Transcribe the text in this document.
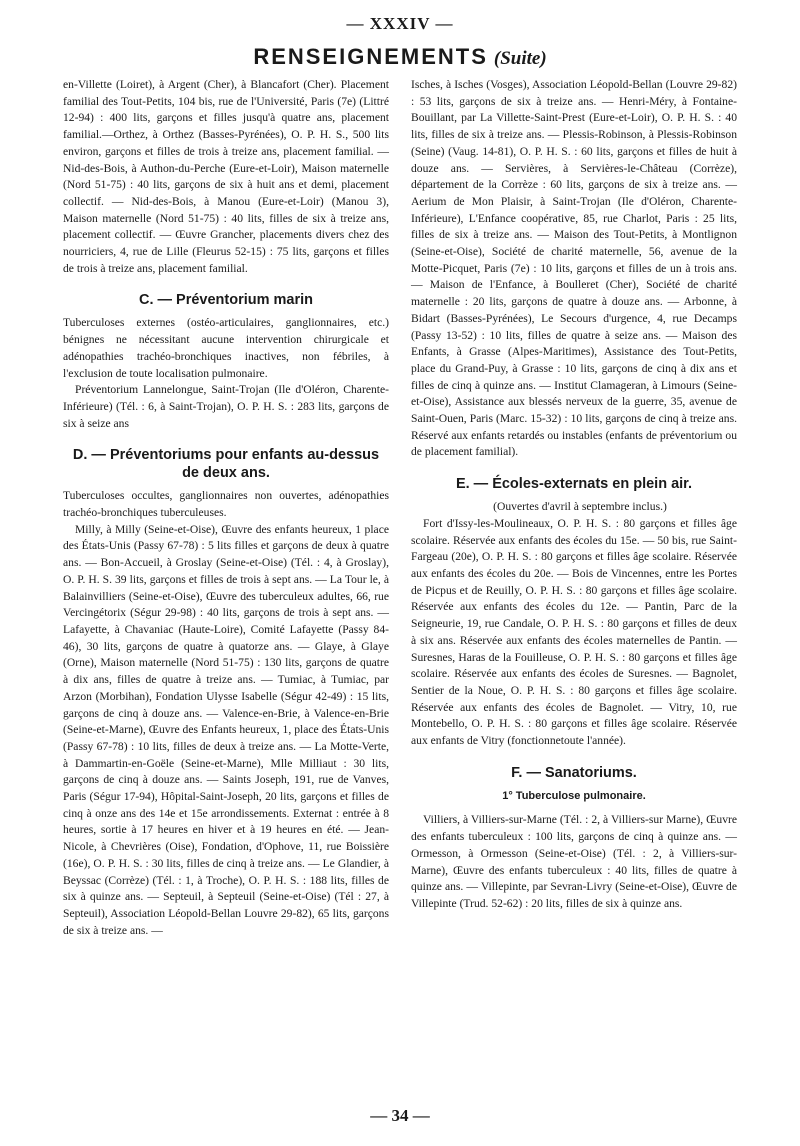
— XXXIV —
RENSEIGNEMENTS (Suite)

en-Villette (Loiret), à Argent (Cher), à Blancafort (Cher). Placement familial des Tout-Petits, 104 bis, rue de l'Université, Paris (7e) (Littré 12-94) : 400 lits, garçons et filles jusqu'à quatre ans, placement familial.—Orthez, à Orthez (Basses-Pyrénées), O. P. H. S., 500 lits environ, garçons et filles de trois à treize ans, placement familial. — Nid-des-Bois, à Authon-du-Perche (Eure-et-Loir), Maison maternelle (Nord 51-75) : 40 lits, garçons de six à huit ans et demi, placement collectif. — Nid-des-Bois, à Manou (Eure-et-Loir) (Manou 3), Maison maternelle (Nord 51-75) : 40 lits, filles de six à treize ans, placement collectif. — Œuvre Grancher, placements divers chez des nourriciers, 4, rue de Lille (Fleurus 52-15) : 75 lits, garçons et filles de trois à treize ans, placement familial.

C. — Préventorium marin

Tuberculoses externes (ostéo-articulaires, ganglionnaires, etc.) bénignes ne nécessitant aucune intervention chirurgicale et adénopathies trachéo-bronchiques inactives, non fébriles, à l'exclusion de toute localisation pulmonaire.

Préventorium Lannelongue, Saint-Trojan (Ile d'Oléron, Charente-Inférieure) (Tél. : 6, à Saint-Trojan), O. P. H. S. : 283 lits, garçons de six à seize ans

D. — Préventoriums pour enfants au-dessus de deux ans.

Tuberculoses occultes, ganglionnaires non ouvertes, adénopathies trachéo-bronchiques tuberculeuses.

Milly, à Milly (Seine-et-Oise), Œuvre des enfants heureux, 1 place des États-Unis (Passy 67-78) : 5 lits filles et garçons de deux à quatre ans. — Bon-Accueil, à Groslay (Seine-et-Oise) (Tél. : 4, à Groslay), O. P. H. S. 39 lits, garçons et filles de trois à sept ans. — La Tour le, à Balainvilliers (Seine-et-Oise), Œuvre des tuberculeux adultes, 66, rue Vercingétorix (Ségur 29-98) : 40 lits, garçons de trois à sept ans. — Lafayette, à Chavaniac (Haute-Loire), Comité Lafayette (Passy 84-46), 30 lits, garçons de quatre à quatorze ans. — Glaye, à Glaye (Orne), Maison maternelle (Nord 51-75) : 130 lits, garçons de quatre à dix ans, filles de quatre à treize ans. — Tumiac, à Tumiac, par Arzon (Morbihan), Fondation Ulysse Isabelle (Ségur 42-49) : 15 lits, garçons de cinq à douze ans. — Valence-en-Brie, à Valence-en-Brie (Seine-et-Marne), Œuvre des Enfants heureux, 1, place des États-Unis (Passy 67-78) : 10 lits, filles de deux à treize ans. — La Motte-Verte, à Dammartin-en-Goële (Seine-et-Marne), Mlle Milliaut : 30 lits, garçons de cinq à douze ans. — Saints Joseph, 191, rue de Vanves, Paris (Ségur 17-94), Hôpital-Saint-Joseph, 20 lits, garçons et filles de cinq à onze ans des 14e et 15e arrondissements. Externat : entrée à 8 heures, sortie à 17 heures en hiver et à 19 heures en été. — Jean-Nicole, à Chevrières (Oise), Fondation, d'Ophove, 11, rue Boissière (16e), O. P. H. S. : 30 lits, filles de cinq à treize ans. — Le Glandier, à Beyssac (Corrèze) (Tél. : 1, à Troche), O. P. H. S. : 188 lits, filles de six à quinze ans. — Septeuil, à Septeuil (Seine-et-Oise) (Tél : 27, à Septeuil), Association Léopold-Bellan Louvre 29-82), 65 lits, garçons de six à treize ans. —

Isches, à Isches (Vosges), Association Léopold-Bellan (Louvre 29-82) : 53 lits, garçons de six à treize ans. — Henri-Méry, à Fontaine-Bouillant, par La Villette-Saint-Prest (Eure-et-Loir), O. P. H. S. : 40 lits, filles de six à treize ans. — Plessis-Robinson, à Plessis-Robinson (Seine) (Vaug. 14-81), O. P. H. S. : 60 lits, garçons et filles de huit à douze ans. — Servières, à Servières-le-Château (Corrèze), département de la Corrèze : 60 lits, garçons de six à treize ans. — Aerium de Mon Plaisir, à Saint-Trojan (Ile d'Oléron, Charente-Inférieure), L'Enfance coopérative, 85, rue Charlot, Paris : 25 lits, filles de six à treize ans. — Maison des Tout-Petits, à Montlignon (Seine-et-Oise), Société de charité maternelle, 56, avenue de la Motte-Picquet, Paris (7e) : 10 lits, garçons et filles de un à trois ans. — Maison de l'Enfance, à Boulleret (Cher), Société de charité maternelle : 20 lits, garçons de quatre à douze ans. — Arbonne, à Bidart (Basses-Pyrénées), Le Secours d'urgence, 4, rue Decamps (Passy 13-52) : 10 lits, filles de quatre à seize ans. — Maison des Enfants, à Grasse (Alpes-Maritimes), Assistance des Tout-Petits, place du Grand-Puy, à Grasse : 10 lits, garçons de cinq à dix ans et filles de cinq à quinze ans. — Institut Clamageran, à Limours (Seine-et-Oise), Assistance aux blessés nerveux de la guerre, 35, avenue de Saint-Ouen, Paris (Marc. 15-32) : 10 lits, garçons de cinq à treize ans. Réservé aux enfants retardés ou instables (enfants de préventorium ou de placement familial).

E. — Écoles-externats en plein air.

(Ouvertes d'avril à septembre inclus.)

Fort d'Issy-les-Moulineaux, O. P. H. S. : 80 garçons et filles âge scolaire. Réservée aux enfants des écoles du 15e. — 50 bis, rue Saint-Fargeau (20e), O. P. H. S. : 80 garçons et filles âge scolaire. Réservée aux enfants des écoles du 20e. — Bois de Vincennes, entre les Portes de Picpus et de Reuilly, O. P. H. S. : 80 garçons et filles âge scolaire. Réservée aux enfants des écoles du 12e. — Pantin, Parc de la Seigneurie, 19, rue Candale, O. P. H. S. : 80 garçons et filles de deux à six ans. Réservée aux enfants des écoles maternelles de Pantin. — Suresnes, Haras de la Fouilleuse, O. P. H. S. : 80 garçons et filles âge scolaire. Réservée aux enfants des écoles de Suresnes. — Bagnolet, Sentier de la Noue, O. P. H. S. : 80 garçons et filles âge scolaire. Réservée aux enfants des écoles de Bagnolet. — Vitry, 10, rue Montebello, O. P. H. S. : 80 garçons et filles âge scolaire. Réservée aux enfants de Vitry (fonctionnetoute l'année).

F. — Sanatoriums.
1° Tuberculose pulmonaire.

Villiers, à Villiers-sur-Marne (Tél. : 2, à Villiers-sur Marne), Œuvre des enfants tuberculeux : 100 lits, garçons de cinq à quinze ans. — Ormesson, à Ormesson (Seine-et-Oise) (Tél. : 2, à Villiers-sur-Marne), Œuvre des enfants tuberculeux : 40 lits, filles de quatre à quinze ans. — Villepinte, par Sevran-Livry (Seine-et-Oise), Œuvre de Villepinte (Trud. 52-62) : 20 lits, filles de six à quinze ans.

— 34 —
